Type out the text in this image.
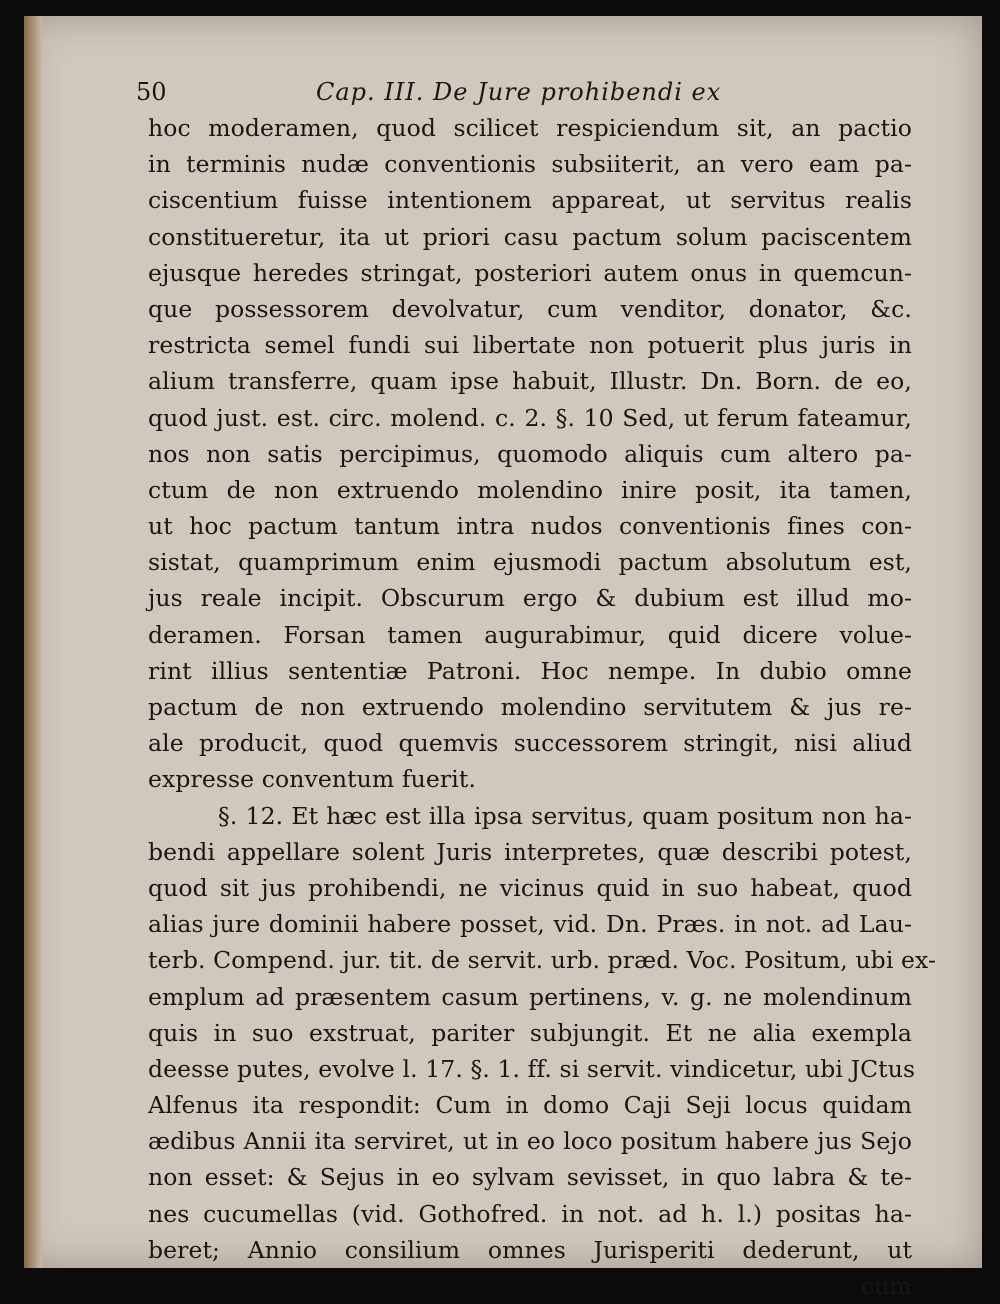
50	Cap. III. De Jure prohibendi ex
hoc moderamen, quod scilicet respiciendum sit, an pactio
in terminis nudæ conventionis subsiiterit, an vero eam pa-
ciscentium fuisse intentionem appareat, ut servitus realis
constitueretur, ita ut priori casu pactum solum paciscentem
ejusque heredes stringat, posteriori autem onus in quemcun-
que possessorem devolvatur, cum venditor, donator, &c.
restricta semel fundi sui libertate non potuerit plus juris in
alium transferre, quam ipse habuit, Illustr. Dn. Born. de eo,
quod just. est. circ. molend. c. 2. §. 10 Sed, ut ferum fateamur,
nos non satis percipimus, quomodo aliquis cum altero pa-
ctum de non extruendo molendino inire posit, ita tamen,
ut hoc pactum tantum intra nudos conventionis fines con-
sistat, quamprimum enim ejusmodi pactum absolutum est,
jus reale incipit. Obscurum ergo & dubium est illud mo-
deramen. Forsan tamen augurabimur, quid dicere volue-
rint illius sententiæ Patroni. Hoc nempe. In dubio omne
pactum de non extruendo molendino servitutem & jus re-
ale producit, quod quemvis successorem stringit, nisi aliud
expresse conventum fuerit.
§. 12. Et hæc est illa ipsa servitus, quam positum non ha-
bendi appellare solent Juris interpretes, quæ describi potest,
quod sit jus prohibendi, ne vicinus quid in suo habeat, quod
alias jure dominii habere posset, vid. Dn. Præs. in not. ad Lau-
terb. Compend. jur. tit. de servit. urb. præd. Voc. Positum, ubi ex-
emplum ad præsentem casum pertinens, v. g. ne molendinum
quis in suo exstruat, pariter subjungit. Et ne alia exempla
deesse putes, evolve l. 17. §. 1. ff. si servit. vindicetur, ubi JCtus
Alfenus ita respondit: Cum in domo Caji Seji locus quidam
ædibus Annii ita serviret, ut in eo loco positum habere jus Sejo
non esset: & Sejus in eo sylvam sevisset, in quo labra & te-
nes cucumellas (vid. Gothofred. in not. ad h. l.) positas ha-
beret; Annio consilium omnes Jurisperiti dederunt, ut
cum
